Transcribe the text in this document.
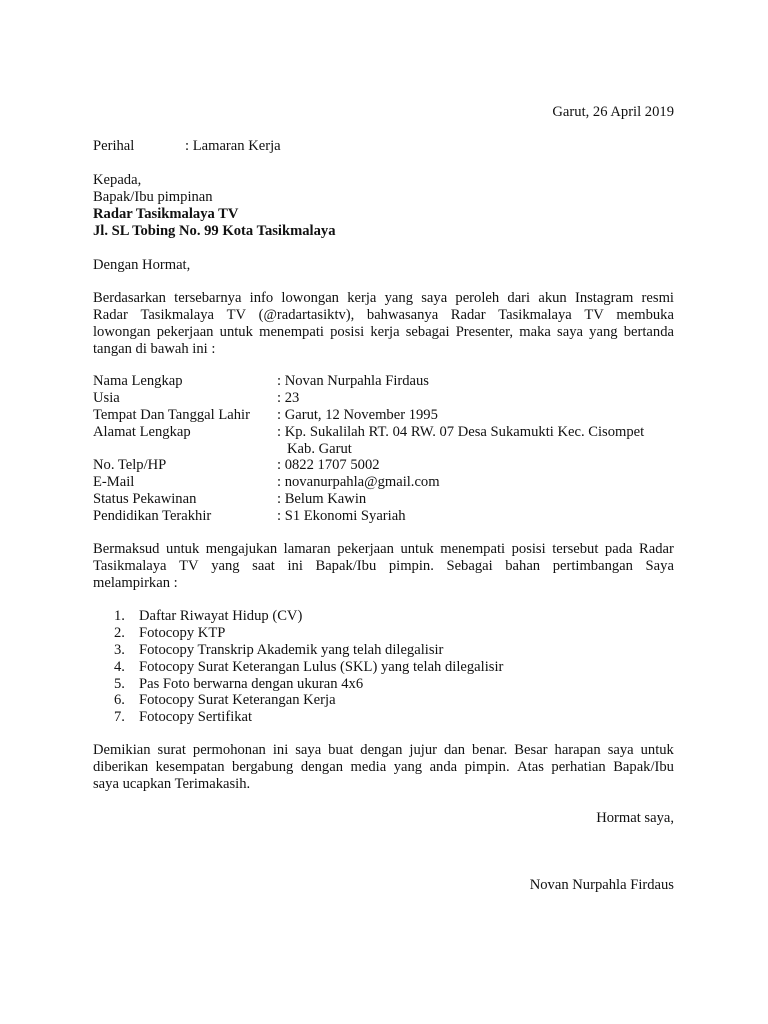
Garut, 26 April 2019
Perihal	: Lamaran Kerja
Kepada,
Bapak/Ibu pimpinan
Radar Tasikmalaya TV
Jl. SL Tobing No. 99 Kota Tasikmalaya
Dengan Hormat,
Berdasarkan tersebarnya info lowongan kerja yang saya peroleh dari akun Instagram resmi
Radar Tasikmalaya TV (@radartasiktv), bahwasanya Radar Tasikmalaya TV membuka
lowongan pekerjaan untuk menempati posisi kerja sebagai Presenter, maka saya yang bertanda
tangan di bawah ini :
Nama Lengkap	: Novan Nurpahla Firdaus
Usia	: 23
Tempat Dan Tanggal Lahir : Garut, 12 November 1995
Alamat Lengkap	: Kp. Sukalilah RT. 04 RW. 07 Desa Sukamukti Kec. Cisompet
Kab. Garut
No. Telp/HP	: 0822 1707 5002
E-Mail	: novanurpahla@gmail.com
Status Pekawinan	: Belum Kawin
Pendidikan Terakhir	: S1 Ekonomi Syariah
Bermaksud untuk mengajukan lamaran pekerjaan untuk menempati posisi tersebut pada Radar
Tasikmalaya TV yang saat ini Bapak/Ibu pimpin. Sebagai bahan pertimbangan Saya
melampirkan :
1. Daftar Riwayat Hidup (CV)
2. Fotocopy KTP
3. Fotocopy Transkrip Akademik yang telah dilegalisir
4. Fotocopy Surat Keterangan Lulus (SKL) yang telah dilegalisir
5. Pas Foto berwarna dengan ukuran 4x6
6. Fotocopy Surat Keterangan Kerja
7. Fotocopy Sertifikat
Demikian surat permohonan ini saya buat dengan jujur dan benar. Besar harapan saya untuk
diberikan kesempatan bergabung dengan media yang anda pimpin. Atas perhatian Bapak/Ibu
saya ucapkan Terimakasih.
Hormat saya,
Novan Nurpahla Firdaus
